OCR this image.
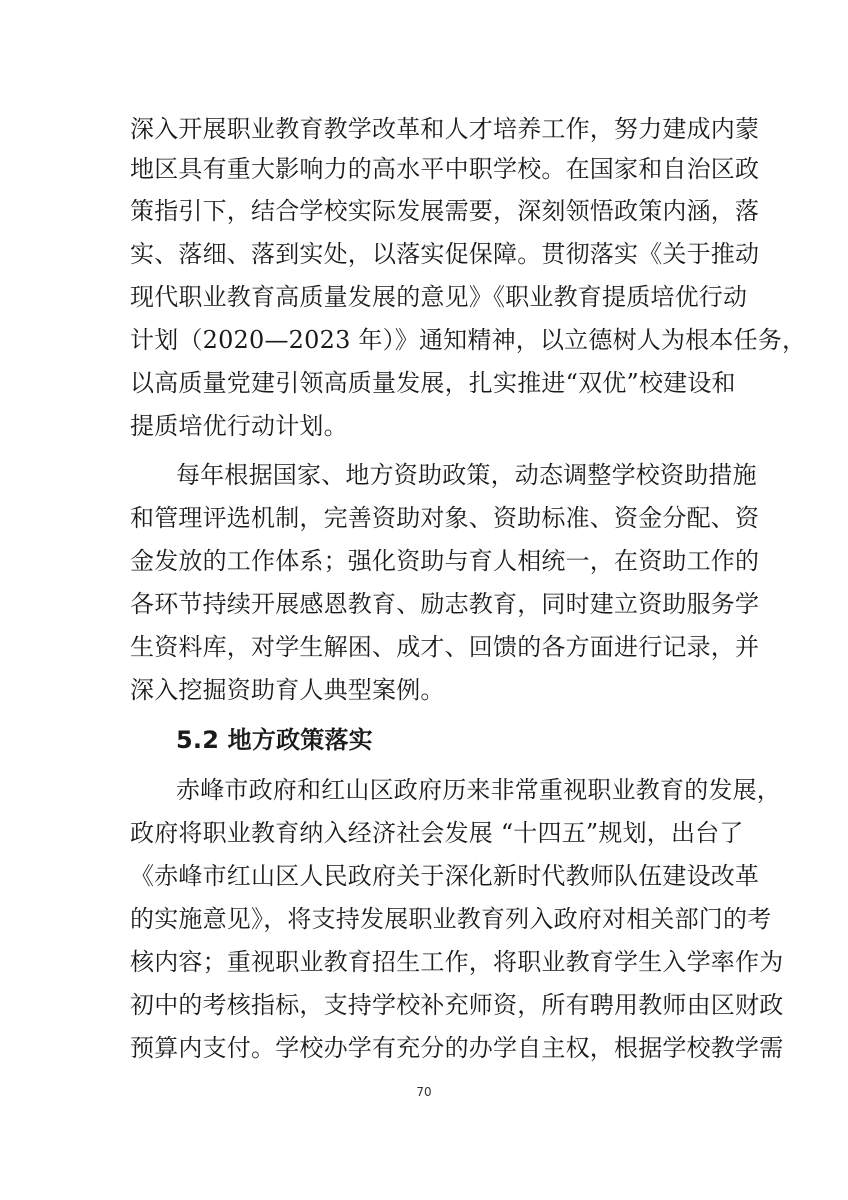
深入开展职业教育教学改革和人才培养工作，努力建成内蒙
地区具有重大影响力的高水平中职学校。在国家和自治区政
策指引下，结合学校实际发展需要，深刻领悟政策内涵，落
实、落细、落到实处，以落实促保障。贯彻落实《关于推动
现代职业教育高质量发展的意见》《职业教育提质培优行动
计划（2020—2023 年）》通知精神，以立德树人为根本任务，
以高质量党建引领高质量发展，扎实推进“双优”校建设和
提质培优行动计划。
每年根据国家、地方资助政策，动态调整学校资助措施
和管理评选机制，完善资助对象、资助标准、资金分配、资
金发放的工作体系；强化资助与育人相统一，在资助工作的
各环节持续开展感恩教育、励志教育，同时建立资助服务学
生资料库，对学生解困、成才、回馈的各方面进行记录，并
深入挖掘资助育人典型案例。
5.2 地方政策落实
赤峰市政府和红山区政府历来非常重视职业教育的发展，
政府将职业教育纳入经济社会发展 “十四五”规划，出台了
《赤峰市红山区人民政府关于深化新时代教师队伍建设改革
的实施意见》，将支持发展职业教育列入政府对相关部门的考
核内容；重视职业教育招生工作，将职业教育学生入学率作为
初中的考核指标，支持学校补充师资，所有聘用教师由区财政
预算内支付。学校办学有充分的办学自主权，根据学校教学需
70
